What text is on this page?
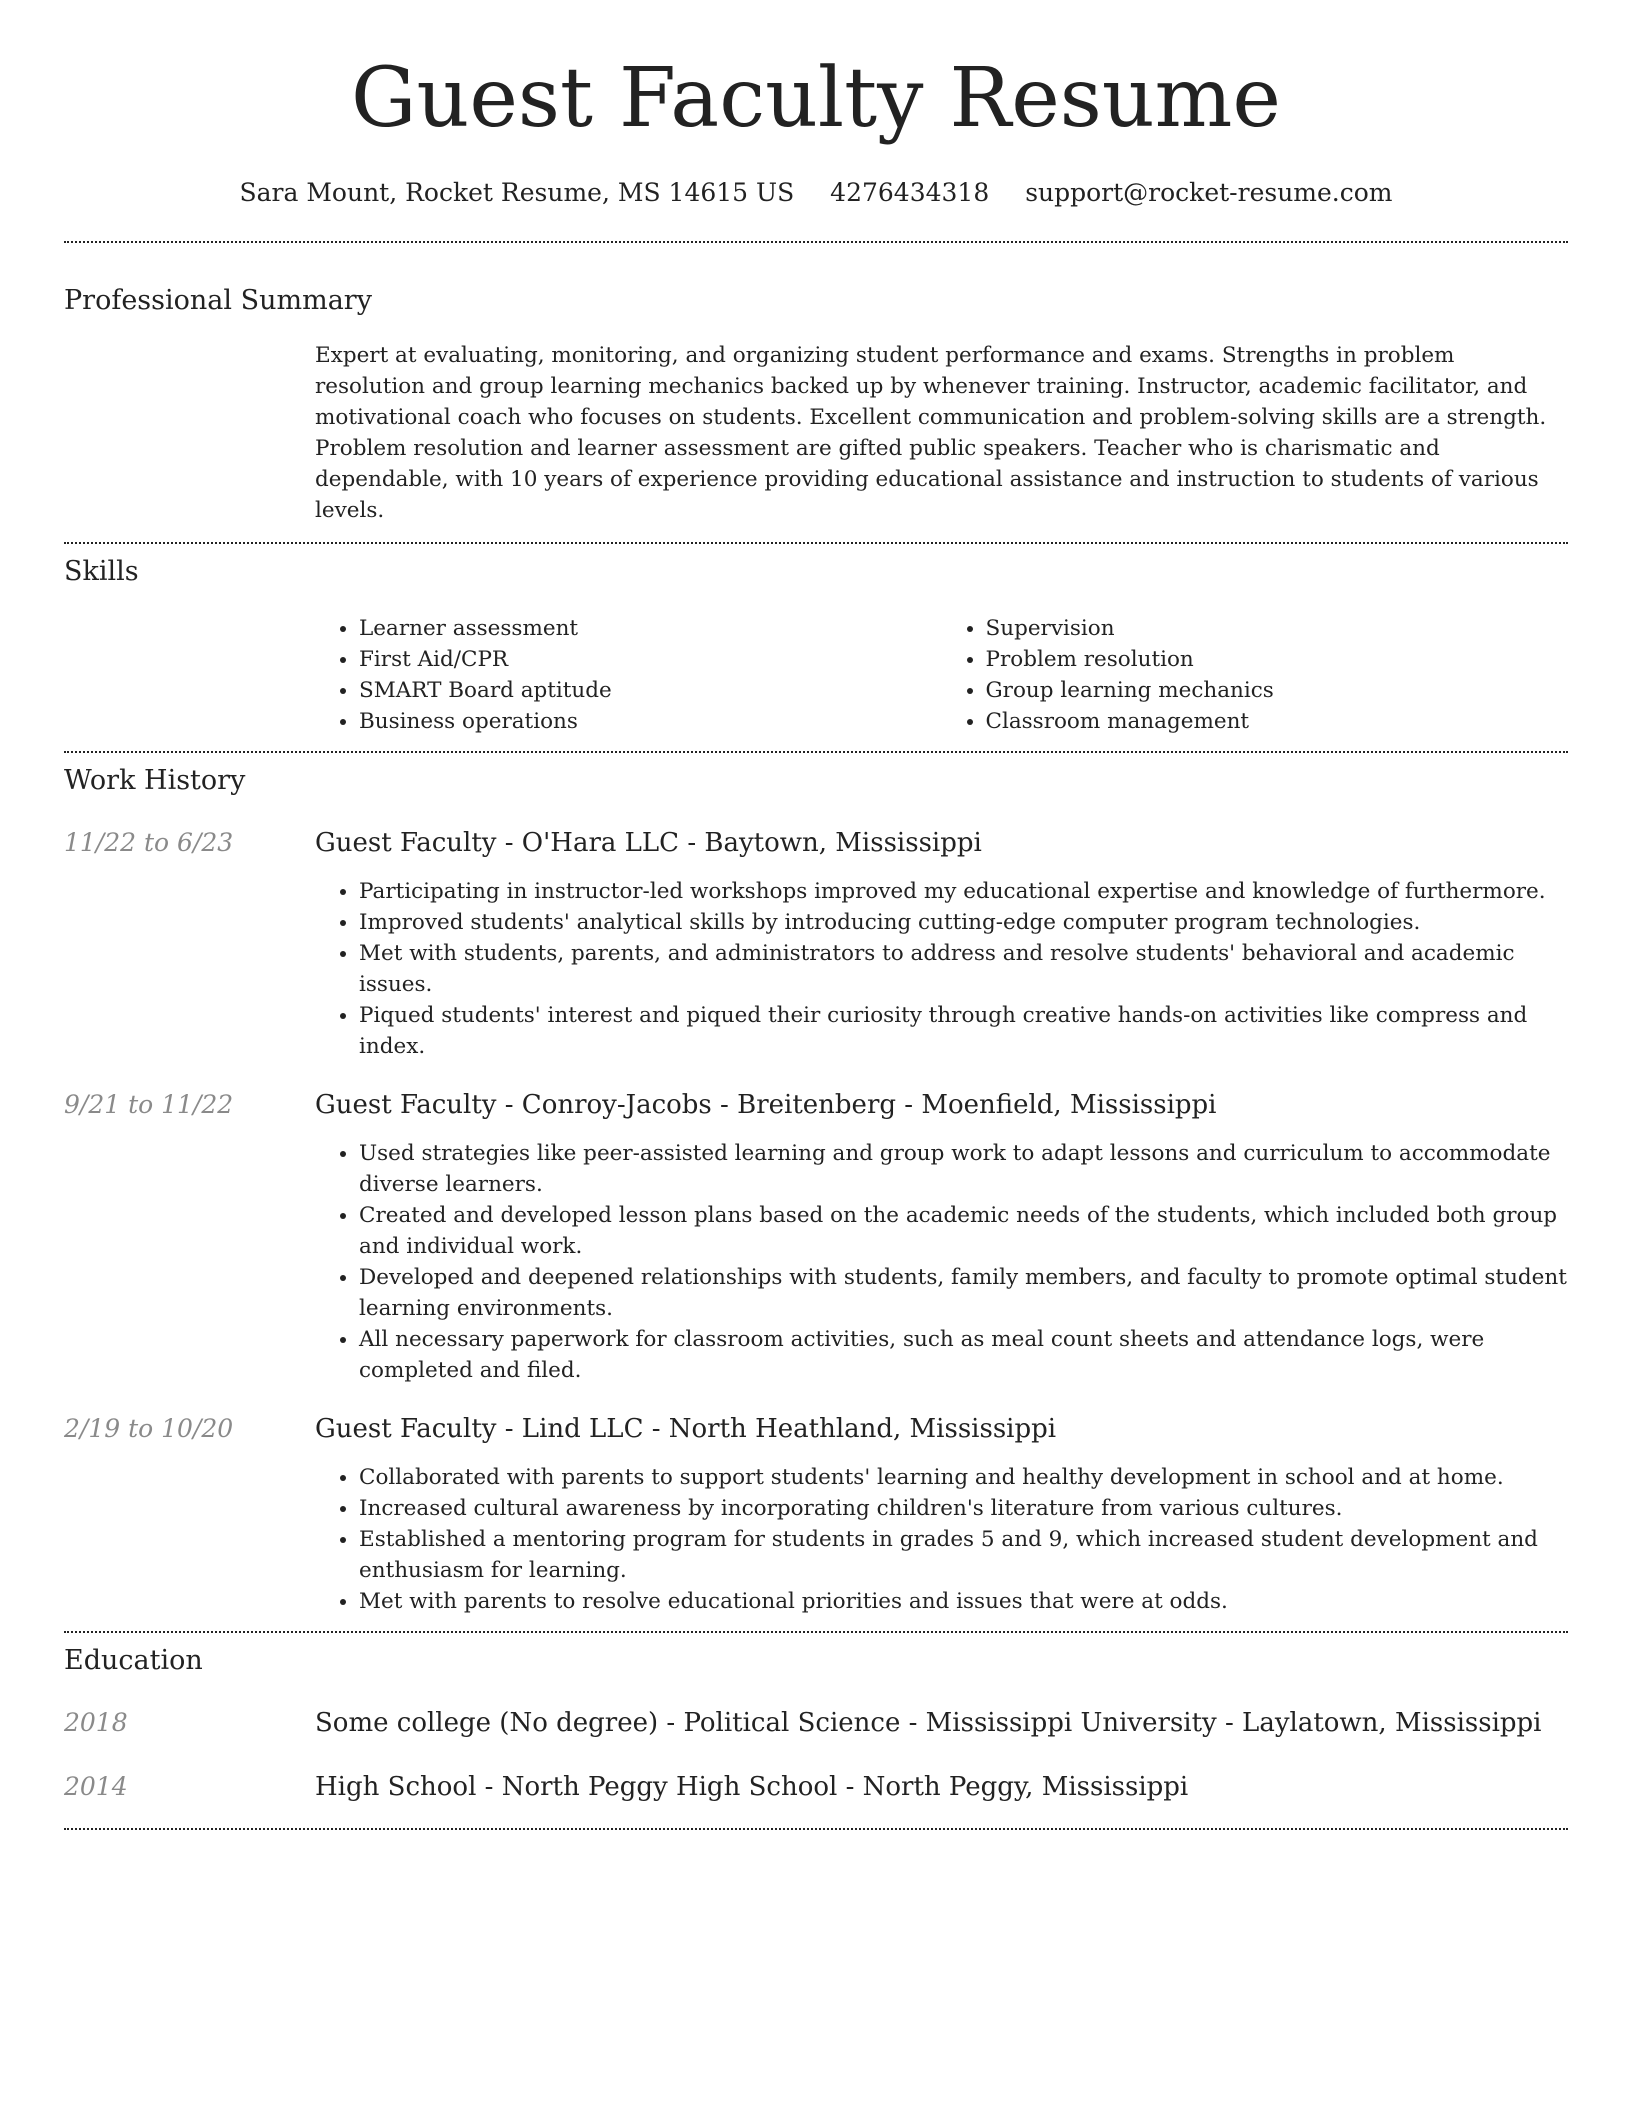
Guest Faculty Resume
Sara Mount, Rocket Resume, MS 14615 US 4276434318 support@rocket-resume.com
Professional Summary
Expert at evaluating, monitoring, and organizing student performance and exams. Strengths in problem resolution and group learning mechanics backed up by whenever training. Instructor, academic facilitator, and motivational coach who focuses on students. Excellent communication and problem-solving skills are a strength. Problem resolution and learner assessment are gifted public speakers. Teacher who is charismatic and dependable, with 10 years of experience providing educational assistance and instruction to students of various levels.
Skills
• Learner assessment
• First Aid/CPR
• SMART Board aptitude
• Business operations
• Supervision
• Problem resolution
• Group learning mechanics
• Classroom management
Work History
11/22 to 6/23	Guest Faculty - O'Hara LLC - Baytown, Mississippi
• Participating in instructor-led workshops improved my educational expertise and knowledge of furthermore.
• Improved students' analytical skills by introducing cutting-edge computer program technologies.
• Met with students, parents, and administrators to address and resolve students' behavioral and academic issues.
• Piqued students' interest and piqued their curiosity through creative hands-on activities like compress and index.
9/21 to 11/22	Guest Faculty - Conroy-Jacobs - Breitenberg - Moenfield, Mississippi
• Used strategies like peer-assisted learning and group work to adapt lessons and curriculum to accommodate diverse learners.
• Created and developed lesson plans based on the academic needs of the students, which included both group and individual work.
• Developed and deepened relationships with students, family members, and faculty to promote optimal student learning environments.
• All necessary paperwork for classroom activities, such as meal count sheets and attendance logs, were completed and filed.
2/19 to 10/20	Guest Faculty - Lind LLC - North Heathland, Mississippi
• Collaborated with parents to support students' learning and healthy development in school and at home.
• Increased cultural awareness by incorporating children's literature from various cultures.
• Established a mentoring program for students in grades 5 and 9, which increased student development and enthusiasm for learning.
• Met with parents to resolve educational priorities and issues that were at odds.
Education
2018	Some college (No degree) - Political Science - Mississippi University - Laylatown, Mississippi
2014	High School - North Peggy High School - North Peggy, Mississippi
